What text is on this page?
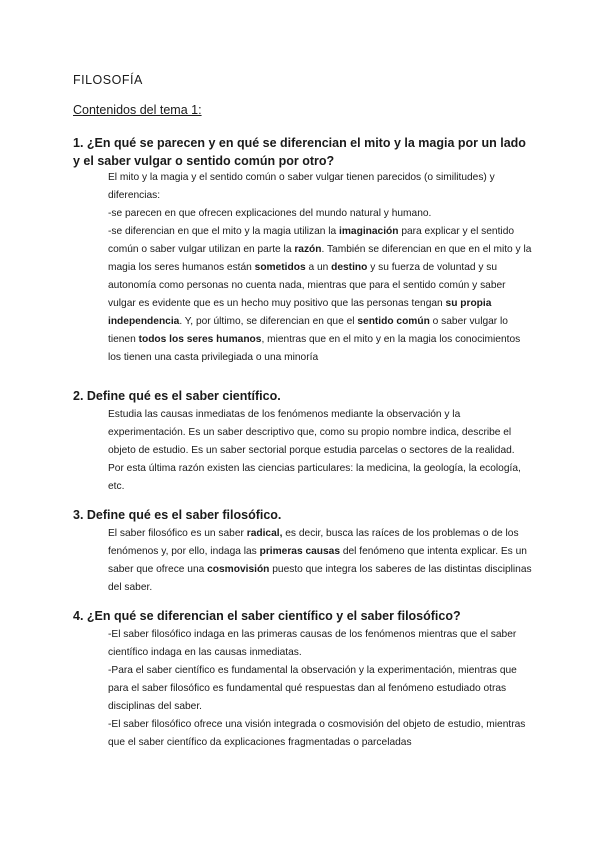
FILOSOFÍA
Contenidos del tema 1:
1. ¿En qué se parecen y en qué se diferencian el mito y la magia por un lado y el saber vulgar o sentido común por otro?

El mito y la magia y el sentido común o saber vulgar tienen parecidos (o similitudes) y diferencias:

-se parecen en que ofrecen explicaciones del mundo natural y humano.

-se diferencian en que el mito y la magia utilizan la imaginación para explicar y el sentido común o saber vulgar utilizan en parte la razón. También se diferencian en que en el mito y la magia los seres humanos están sometidos a un destino y su fuerza de voluntad y su autonomía como personas no cuenta nada, mientras que para el sentido común y saber vulgar es evidente que es un hecho muy positivo que las personas tengan su propia independencia. Y, por último, se diferencian en que el sentido común o saber vulgar lo tienen todos los seres humanos, mientras que en el mito y en la magia los conocimientos los tienen una casta privilegiada o una minoría

2. Define qué es el saber científico.

Estudia las causas inmediatas de los fenómenos mediante la observación y la experimentación. Es un saber descriptivo que, como su propio nombre indica, describe el objeto de estudio. Es un saber sectorial porque estudia parcelas o sectores de la realidad. Por esta última razón existen las ciencias particulares: la medicina, la geología, la ecología, etc.

3. Define qué es el saber filosófico.

El saber filosófico es un saber radical, es decir, busca las raíces de los problemas o de los fenómenos y, por ello, indaga las primeras causas del fenómeno que intenta explicar. Es un saber que ofrece una cosmovisión puesto que integra los saberes de las distintas disciplinas del saber.

4. ¿En qué se diferencian el saber científico y el saber filosófico?

-El saber filosófico indaga en las primeras causas de los fenómenos mientras que el saber científico indaga en las causas inmediatas.

-Para el saber científico es fundamental la observación y la experimentación, mientras que para el saber filosófico es fundamental qué respuestas dan al fenómeno estudiado otras disciplinas del saber.

-El saber filosófico ofrece una visión integrada o cosmovisión del objeto de estudio, mientras que el saber científico da explicaciones fragmentadas o parceladas
